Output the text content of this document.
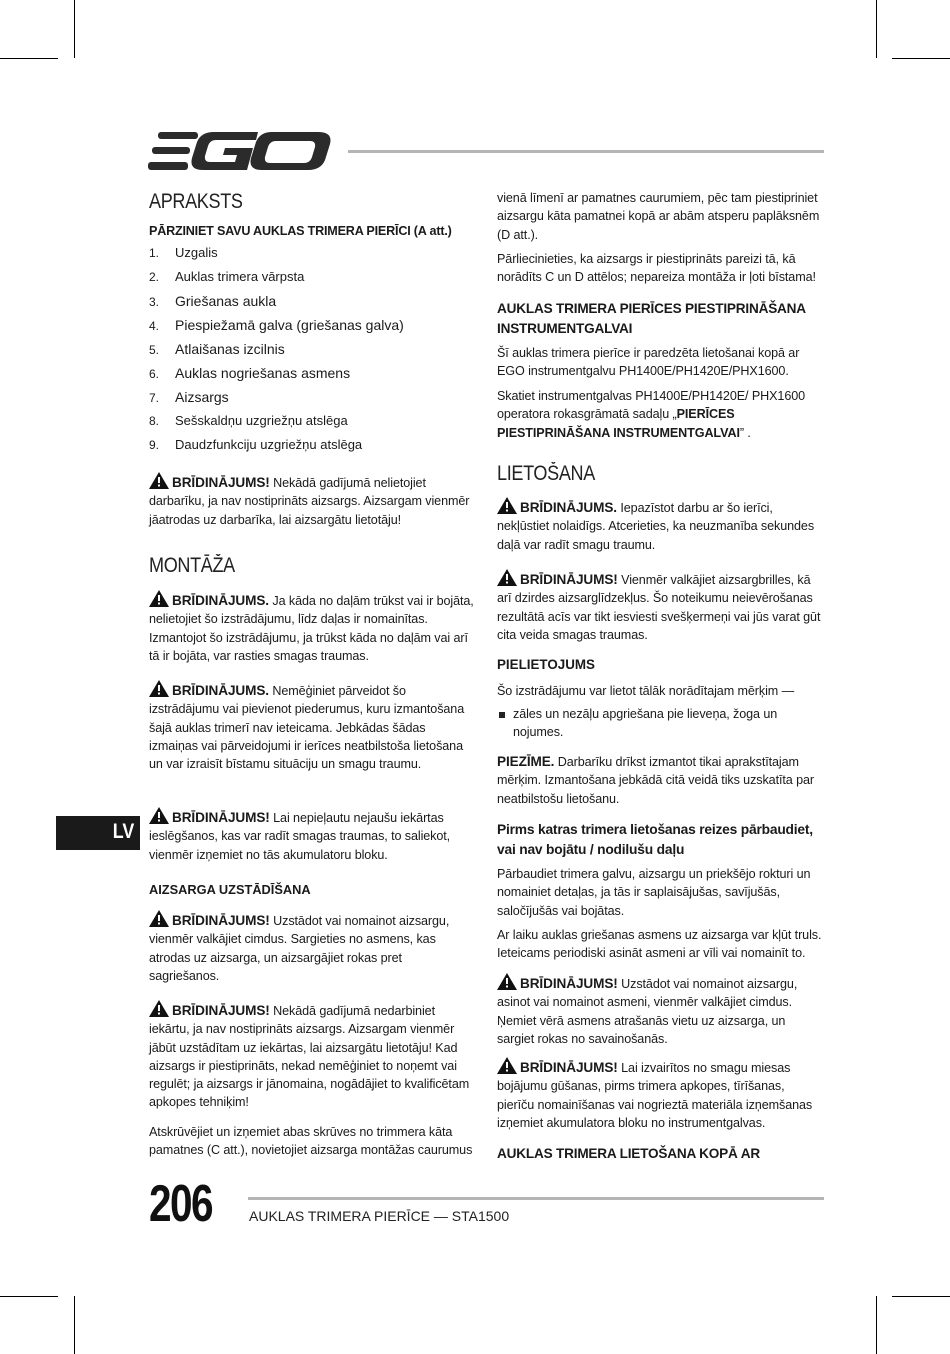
LV
APRAKSTS
PĀRZINIET SAVU AUKLAS TRIMERA PIERĪCI (A att.)
1. Uzgalis
2. Auklas trimera vārpsta
3. Griešanas aukla
4. Piespiežamā galva (griešanas galva)
5. Atlaišanas izcilnis
6. Auklas nogriešanas asmens
7. Aizsargs
8. Sešskaldņu uzgriežņu atslēga
9. Daudzfunkciju uzgriežņu atslēga

BRĪDINĀJUMS! Nekādā gadījumā nelietojiet darbarīku, ja nav nostiprināts aizsargs. Aizsargam vienmēr jāatrodas uz darbarīka, lai aizsargātu lietotāju!

MONTĀŽA

BRĪDINĀJUMS. Ja kāda no daļām trūkst vai ir bojāta, nelietojiet šo izstrādājumu, līdz daļas ir nomainītas. Izmantojot šo izstrādājumu, ja trūkst kāda no daļām vai arī tā ir bojāta, var rasties smagas traumas.

BRĪDINĀJUMS. Nemēģiniet pārveidot šo izstrādājumu vai pievienot piederumus, kuru izmantošana šajā auklas trimerī nav ieteicama. Jebkādas šādas izmaiņas vai pārveidojumi ir ierīces neatbilstoša lietošana un var izraisīt bīstamu situāciju un smagu traumu.

BRĪDINĀJUMS! Lai nepieļautu nejaušu iekārtas ieslēgšanos, kas var radīt smagas traumas, to saliekot, vienmēr izņemiet no tās akumulatoru bloku.

AIZSARGA UZSTĀDĪŠANA

BRĪDINĀJUMS! Uzstādot vai nomainot aizsargu, vienmēr valkājiet cimdus. Sargieties no asmens, kas atrodas uz aizsarga, un aizsargājiet rokas pret sagriešanos.

BRĪDINĀJUMS! Nekādā gadījumā nedarbiniet iekārtu, ja nav nostiprināts aizsargs. Aizsargam vienmēr jābūt uzstādītam uz iekārtas, lai aizsargātu lietotāju! Kad aizsargs ir piestiprināts, nekad nemēģiniet to noņemt vai regulēt; ja aizsargs ir jānomaina, nogādājiet to kvalificētam apkopes tehniķim!

Atskrūvējiet un izņemiet abas skrūves no trimmera kāta pamatnes (C att.), novietojiet aizsarga montāžas caurumus

vienā līmenī ar pamatnes caurumiem, pēc tam piestipriniet aizsargu kāta pamatnei kopā ar abām atsperu paplāksnēm (D att.).

Pārliecinieties, ka aizsargs ir piestiprināts pareizi tā, kā norādīts C un D attēlos; nepareiza montāža ir ļoti bīstama!

AUKLAS TRIMERA PIERĪCES PIESTIPRINĀŠANA INSTRUMENTGALVAI

Šī auklas trimera pierīce ir paredzēta lietošanai kopā ar EGO instrumentgalvu PH1400E/PH1420E/PHX1600.

Skatiet instrumentgalvas PH1400E/PH1420E/ PHX1600 operatora rokasgrāmatā sadaļu „PIERĪCES PIESTIPRINĀŠANA INSTRUMENTGALVAI” .

LIETOŠANA

BRĪDINĀJUMS. Iepazīstot darbu ar šo ierīci, nekļūstiet nolaidīgs. Atcerieties, ka neuzmanība sekundes daļā var radīt smagu traumu.

BRĪDINĀJUMS! Vienmēr valkājiet aizsargbrilles, kā arī dzirdes aizsarglīdzekļus. Šo noteikumu neievērošanas rezultātā acīs var tikt iesviesti svešķermeņi vai jūs varat gūt cita veida smagas traumas.

PIELIETOJUMS

Šo izstrādājumu var lietot tālāk norādītajam mērķim —

zāles un nezāļu apgriešana pie lieveņa, žoga un nojumes.

PIEZĪME. Darbarīku drīkst izmantot tikai aprakstītajam mērķim. Izmantošana jebkādā citā veidā tiks uzskatīta par neatbilstošu lietošanu.

Pirms katras trimera lietošanas reizes pārbaudiet, vai nav bojātu / nodilušu daļu

Pārbaudiet trimera galvu, aizsargu un priekšējo rokturi un nomainiet detaļas, ja tās ir saplaisājušas, savījušās, saločījušās vai bojātas.

Ar laiku auklas griešanas asmens uz aizsarga var kļūt truls. Ieteicams periodiski asināt asmeni ar vīli vai nomainīt to.

BRĪDINĀJUMS! Uzstādot vai nomainot aizsargu, asinot vai nomainot asmeni, vienmēr valkājiet cimdus. Ņemiet vērā asmens atrašanās vietu uz aizsarga, un sargiet rokas no savainošanās.

BRĪDINĀJUMS! Lai izvairītos no smagu miesas bojājumu gūšanas, pirms trimera apkopes, tīrīšanas, pierīču nomainīšanas vai nogrieztā materiāla izņemšanas izņemiet akumulatora bloku no instrumentgalvas.

AUKLAS TRIMERA LIETOŠANA KOPĀ AR
206	AUKLAS TRIMERA PIERĪCE — STA1500
